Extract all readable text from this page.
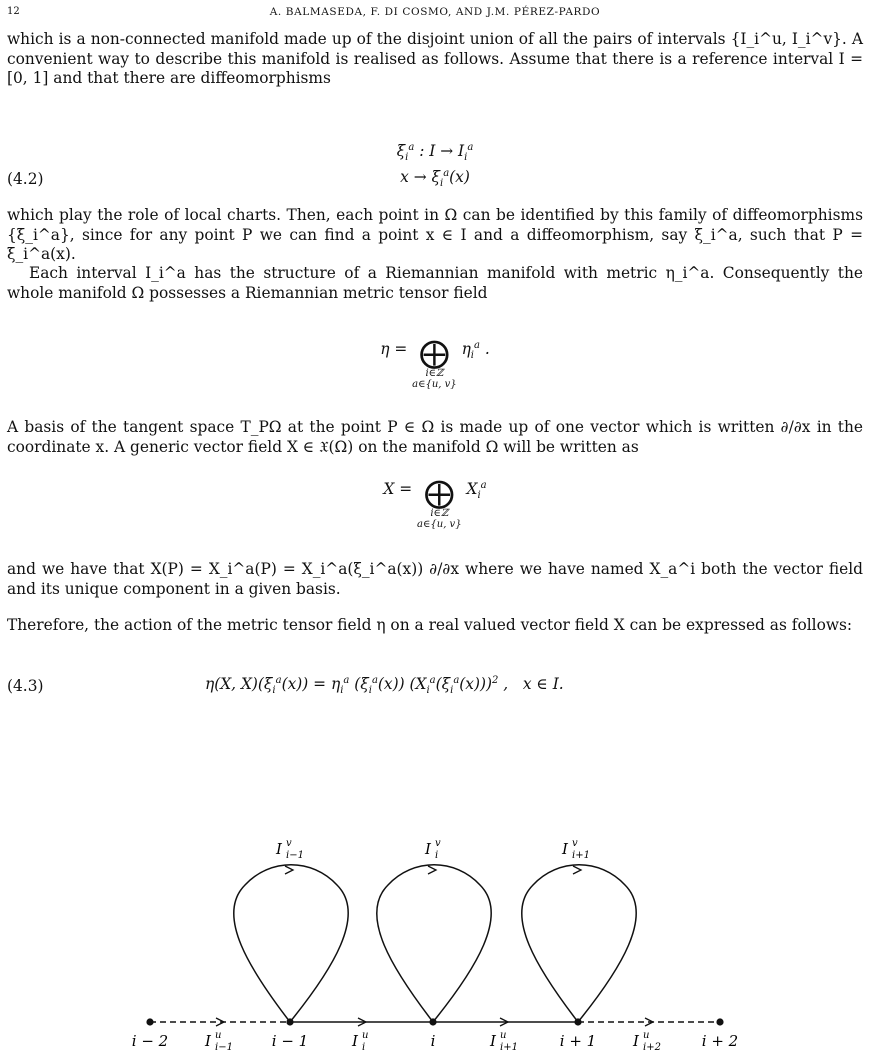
12	A. BALMASEDA, F. DI COSMO, AND J.M. PÉREZ-PARDO

which is a non-connected manifold made up of the disjoint union of all the pairs of intervals {I_i^u, I_i^v}. A convenient way to describe this manifold is realised as follows. Assume that there is a reference interval I = [0, 1] and that there are diffeomorphisms

(4.2)
$\xi_i^a$ : $I \to I_i^a$
$x \to \xi_i^a(x)$

which play the role of local charts. Then, each point in Ω can be identified by this family of diffeomorphisms {ξ_i^a}, since for any point P we can find a point x ∈ I and a diffeomorphism, say ξ_i^a, such that P = ξ_i^a(x).

Each interval I_i^a has the structure of a Riemannian manifold with metric η_i^a. Consequently the whole manifold Ω possesses a Riemannian metric tensor field

η = ⨁
i∈ℤ
a∈{u, v}
$\eta_i^a$ .

A basis of the tangent space T_PΩ at the point P ∈ Ω is made up of one vector which is written ∂/∂x in the coordinate x. A generic vector field X ∈ 𝔛(Ω) on the manifold Ω will be written as

X = ⨁
i∈ℤ
a∈{u, v}
$X_i^a$

and we have that X(P) = X_i^a(P) = X_i^a(ξ_i^a(x)) ∂/∂x where we have named X_a^i both the vector field and its unique component in a given basis.

Therefore, the action of the metric tensor field η on a real valued vector field X can be expressed as follows:

(4.3)	η(X, $X)(\xi_i^a(x)) = \eta_i^a$ $(\xi_i^a(x))$ $(X_i^a(\xi_i^a(x)))^2$ ,   x ∈ I.
i − 2	i − 1	i	i + 1	i + 2
I u
i−1	I u
i	I u
i+1	I u
i+2
I v
i−1	I v
i	I v
i+1
